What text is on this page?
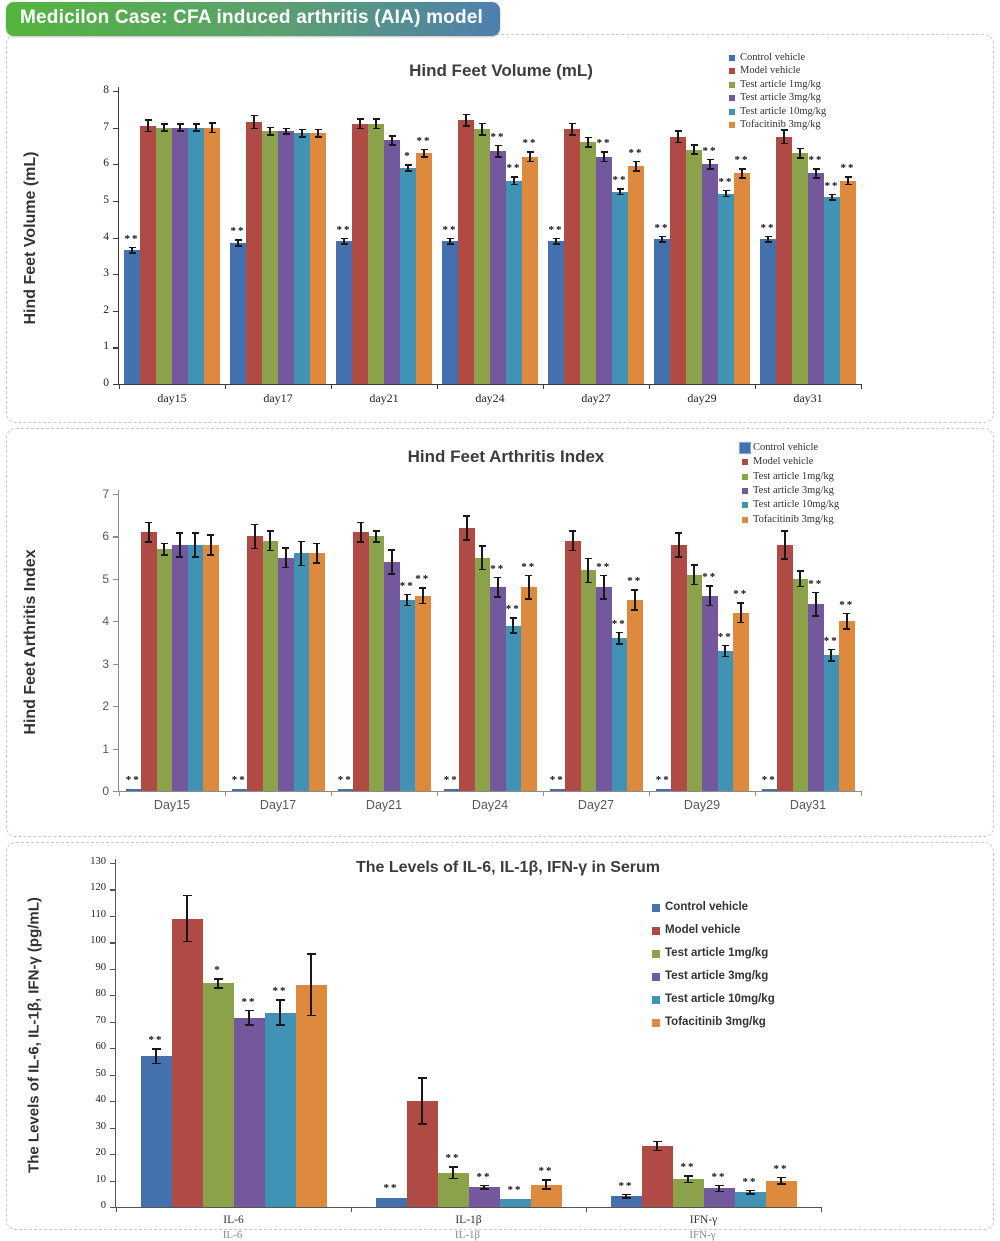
Medicilon Case: CFA induced arthritis (AIA) model
Hind Feet Volume (mL)
Hind Feet Volume (mL)
0
1
2
3
4
5
6
7
8
day15	day17	day21	day24	day27	day29	day31
**
**	**	**	**	**	**
**
**
**
**
*
**
**	**	**
**	**
**
**
**
Control vehicle
Model vehicle
Test article 1mg/kg
Test article 3mg/kg
Test article 10mg/kg
Tofacitinib 3mg/kg
Hind Feet Arthritis Index
Hind Feet Arthritis Index
0
1
2
3
4
5
6
7
Day15	Day17	Day21	Day24	Day27	Day29	Day31
**	**	**	**	**	**	**
**	**
**
**
**
**
**
**	**
**
**
**
**
**
Control vehicle
Model vehicle
Test article 1mg/kg
Test article 3mg/kg
Test article 10mg/kg
Tofacitinib 3mg/kg
The Levels of IL-6, IL-1β, IFN-γ in Serum
The Levels of IL-6, IL-1β, IFN-γ (pg/mL)
0
10
20
30
40
50
60
70
80
90
100
110
120
130
IL-6	IL-1β	IFN-γ
**
**	**
*
**
**
**
**	**
**
**
**
**	**
Control vehicle
Model vehicle
Test article 1mg/kg
Test article 3mg/kg
Test article 10mg/kg
Tofacitinib 3mg/kg
IL-6	IL-1β	IFN-γ
